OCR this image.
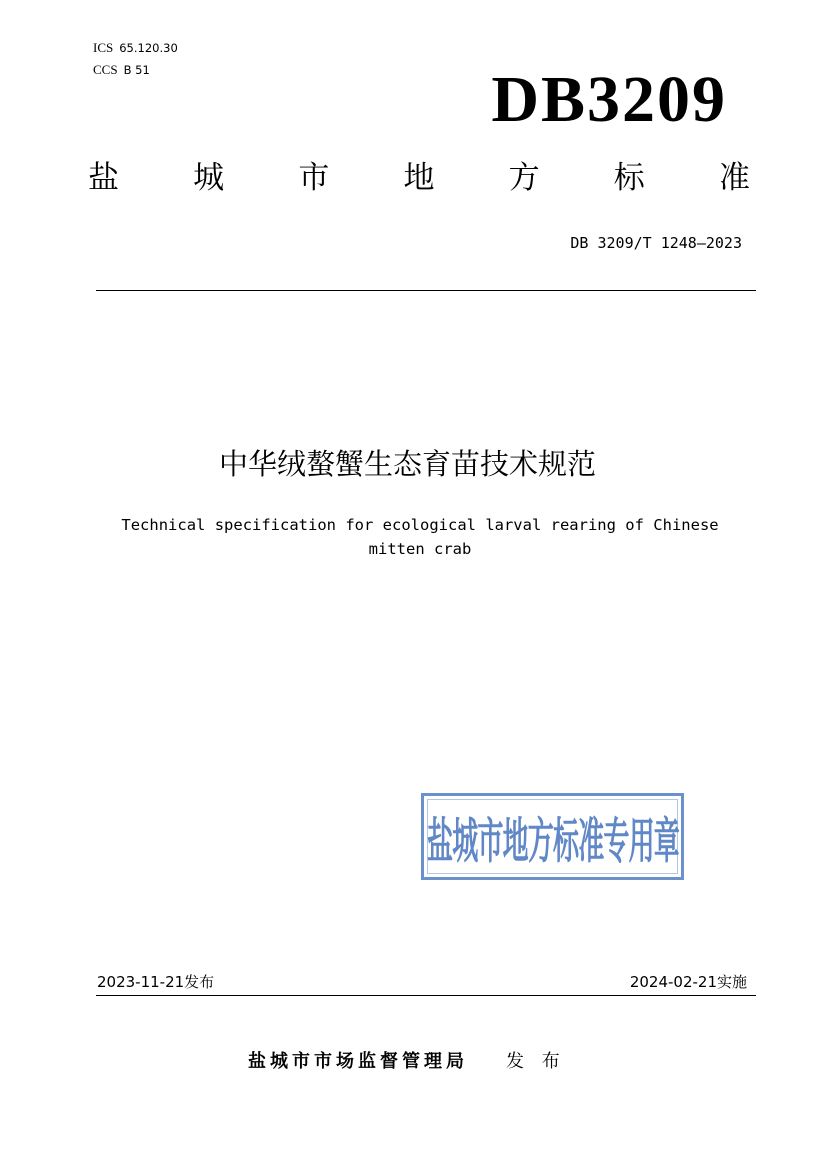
ICS 65.120.30
CCS B 51	DB3209
盐 城 市 地 方 标 准
DB 3209/T 1248—2023
中华绒螯蟹生态育苗技术规范
Technical specification for ecological larval rearing of Chinese
mitten crab
盐城市地方标准专用章
2023-11-21发布	2024-02-21实施
盐城市市场监督管理局 发 布
